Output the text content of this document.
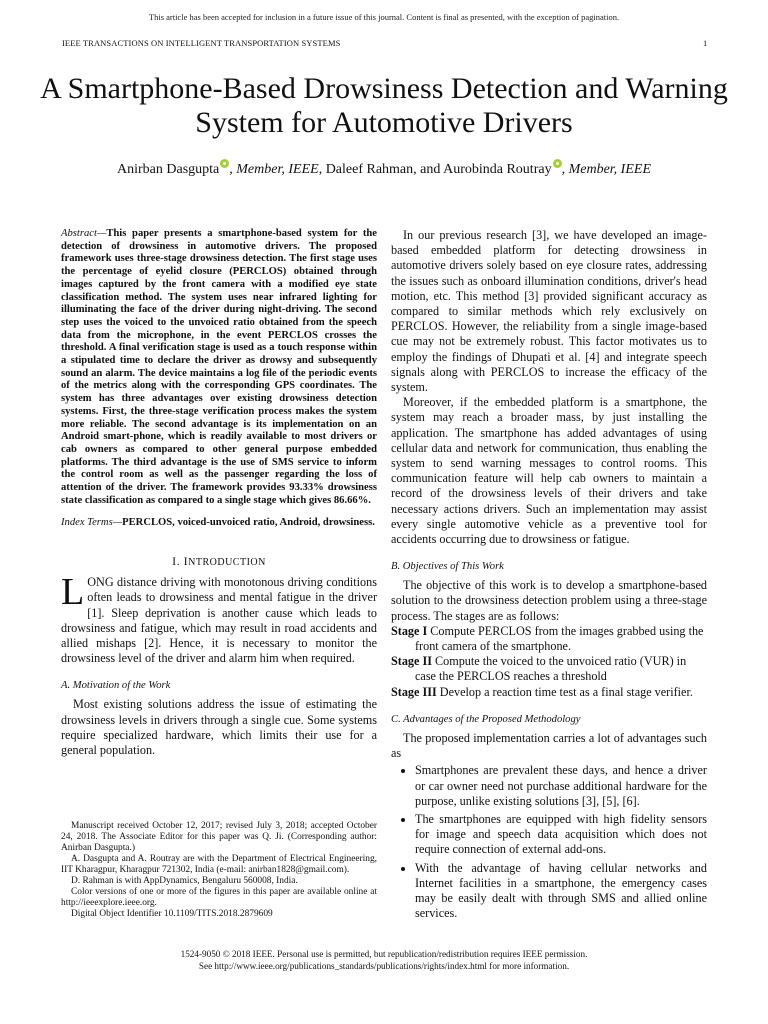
This article has been accepted for inclusion in a future issue of this journal. Content is final as presented, with the exception of pagination.
IEEE TRANSACTIONS ON INTELLIGENT TRANSPORTATION SYSTEMS	1
A Smartphone-Based Drowsiness Detection and Warning System for Automotive Drivers
Anirban Dasgupta , Member, IEEE, Daleef Rahman, and Aurobinda Routray , Member, IEEE

Abstract—This paper presents a smartphone-based system for the detection of drowsiness in automotive drivers. The proposed framework uses three-stage drowsiness detection. The first stage uses the percentage of eyelid closure (PERCLOS) obtained through images captured by the front camera with a modified eye state classification method. The system uses near infrared lighting for illuminating the face of the driver during night-driving. The second step uses the voiced to the unvoiced ratio obtained from the speech data from the microphone, in the event PERCLOS crosses the threshold. A final verification stage is used as a touch response within a stipulated time to declare the driver as drowsy and subsequently sound an alarm. The device maintains a log file of the periodic events of the metrics along with the corresponding GPS coordinates. The system has three advantages over existing drowsiness detection systems. First, the three-stage verification process makes the system more reliable. The second advantage is its implementation on an Android smart-phone, which is readily available to most drivers or cab owners as compared to other general purpose embedded platforms. The third advantage is the use of SMS service to inform the control room as well as the passenger regarding the loss of attention of the driver. The framework provides 93.33% drowsiness state classification as compared to a single stage which gives 86.66%.

Index Terms—PERCLOS, voiced-unvoiced ratio, Android, drowsiness.

I. INTRODUCTION

LONG distance driving with monotonous driving conditions often leads to drowsiness and mental fatigue in the driver [1]. Sleep deprivation is another cause which leads to drowsiness and fatigue, which may result in road accidents and allied mishaps [2]. Hence, it is necessary to monitor the drowsiness level of the driver and alarm him when required.

A. Motivation of the Work

Most existing solutions address the issue of estimating the drowsiness levels in drivers through a single cue. Some systems require specialized hardware, which limits their use for a general population.

Manuscript received October 12, 2017; revised July 3, 2018; accepted October 24, 2018. The Associate Editor for this paper was Q. Ji. (Corresponding author: Anirban Dasgupta.)

A. Dasgupta and A. Routray are with the Department of Electrical Engineering, IIT Kharagpur, Kharagpur 721302, India (e-mail: anirban1828@gmail.com).

D. Rahman is with AppDynamics, Bengaluru 560008, India.

Color versions of one or more of the figures in this paper are available online at http://ieeexplore.ieee.org.

Digital Object Identifier 10.1109/TITS.2018.2879609

In our previous research [3], we have developed an image-based embedded platform for detecting drowsiness in automotive drivers solely based on eye closure rates, addressing the issues such as onboard illumination conditions, driver's head motion, etc. This method [3] provided significant accuracy as compared to similar methods which rely exclusively on PERCLOS. However, the reliability from a single image-based cue may not be extremely robust. This factor motivates us to employ the findings of Dhupati et al. [4] and integrate speech signals along with PERCLOS to increase the efficacy of the system.

Moreover, if the embedded platform is a smartphone, the system may reach a broader mass, by just installing the application. The smartphone has added advantages of using cellular data and network for communication, thus enabling the system to send warning messages to control rooms. This communication feature will help cab owners to maintain a record of the drowsiness levels of their drivers and take necessary actions drivers. Such an implementation may assist every single automotive vehicle as a preventive tool for accidents occurring due to drowsiness or fatigue.

B. Objectives of This Work

The objective of this work is to develop a smartphone-based solution to the drowsiness detection problem using a three-stage process. The stages are as follows:

Stage I Compute PERCLOS from the images grabbed using the front camera of the smartphone.

Stage II Compute the voiced to the unvoiced ratio (VUR) in case the PERCLOS reaches a threshold

Stage III Develop a reaction time test as a final stage verifier.

C. Advantages of the Proposed Methodology

The proposed implementation carries a lot of advantages such as

• Smartphones are prevalent these days, and hence a driver or car owner need not purchase additional hardware for the purpose, unlike existing solutions [3], [5], [6].
• The smartphones are equipped with high fidelity sensors for image and speech data acquisition which does not require connection of external add-ons.
• With the advantage of having cellular networks and Internet facilities in a smartphone, the emergency cases may be easily dealt with through SMS and allied online services.
1524-9050 © 2018 IEEE. Personal use is permitted, but republication/redistribution requires IEEE permission.
See http://www.ieee.org/publications_standards/publications/rights/index.html for more information.
